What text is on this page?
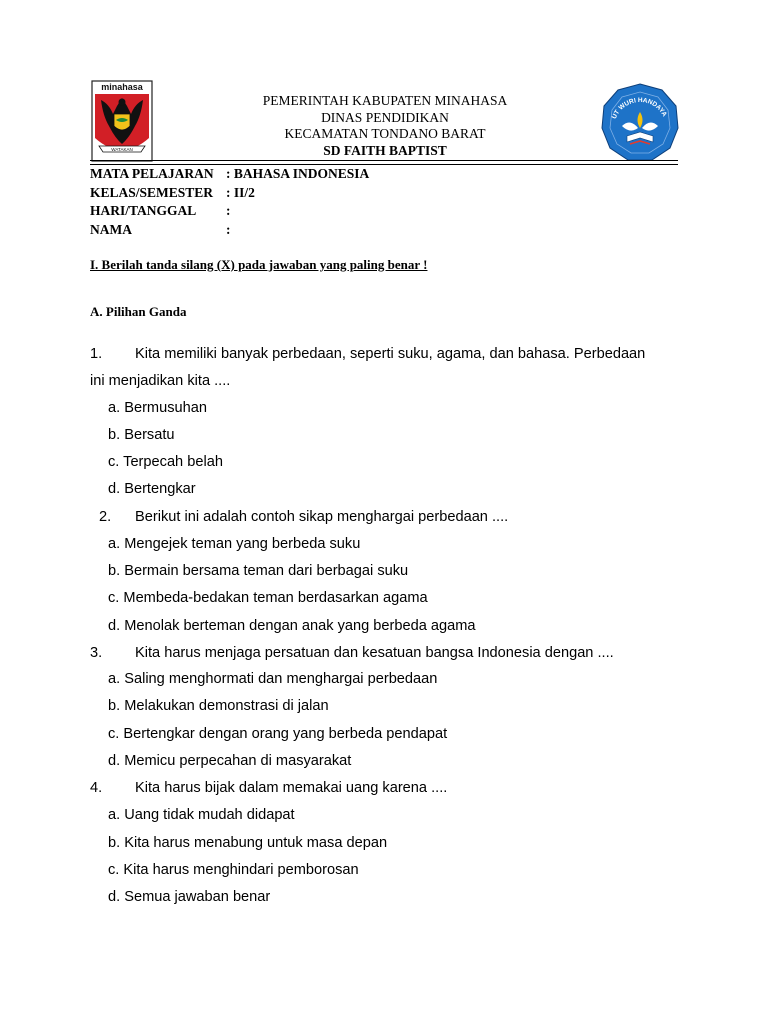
minahasa
WATAKAN
UT WURI HANDAYA
PEMERINTAH KABUPATEN MINAHASA
DINAS PENDIDIKAN
KECAMATAN TONDANO BARAT
SD FAITH BAPTIST
MATA PELAJARAN : BAHASA INDONESIA
KELAS/SEMESTER : II/2
HARI/TANGGAL :
NAMA	:
I. Berilah tanda silang (X) pada jawaban yang paling benar !
A. Pilihan Ganda
1. Kita memiliki banyak perbedaan, seperti suku, agama, dan bahasa. Perbedaan
ini menjadikan kita ....
a. Bermusuhan
b. Bersatu
c. Terpecah belah
d. Bertengkar
2. Berikut ini adalah contoh sikap menghargai perbedaan ....
a. Mengejek teman yang berbeda suku
b. Bermain bersama teman dari berbagai suku
c. Membeda-bedakan teman berdasarkan agama
d. Menolak berteman dengan anak yang berbeda agama
3. Kita harus menjaga persatuan dan kesatuan bangsa Indonesia dengan ....
a. Saling menghormati dan menghargai perbedaan
b. Melakukan demonstrasi di jalan
c. Bertengkar dengan orang yang berbeda pendapat
d. Memicu perpecahan di masyarakat
4. Kita harus bijak dalam memakai uang karena ....
a. Uang tidak mudah didapat
b. Kita harus menabung untuk masa depan
c. Kita harus menghindari pemborosan
d. Semua jawaban benar
